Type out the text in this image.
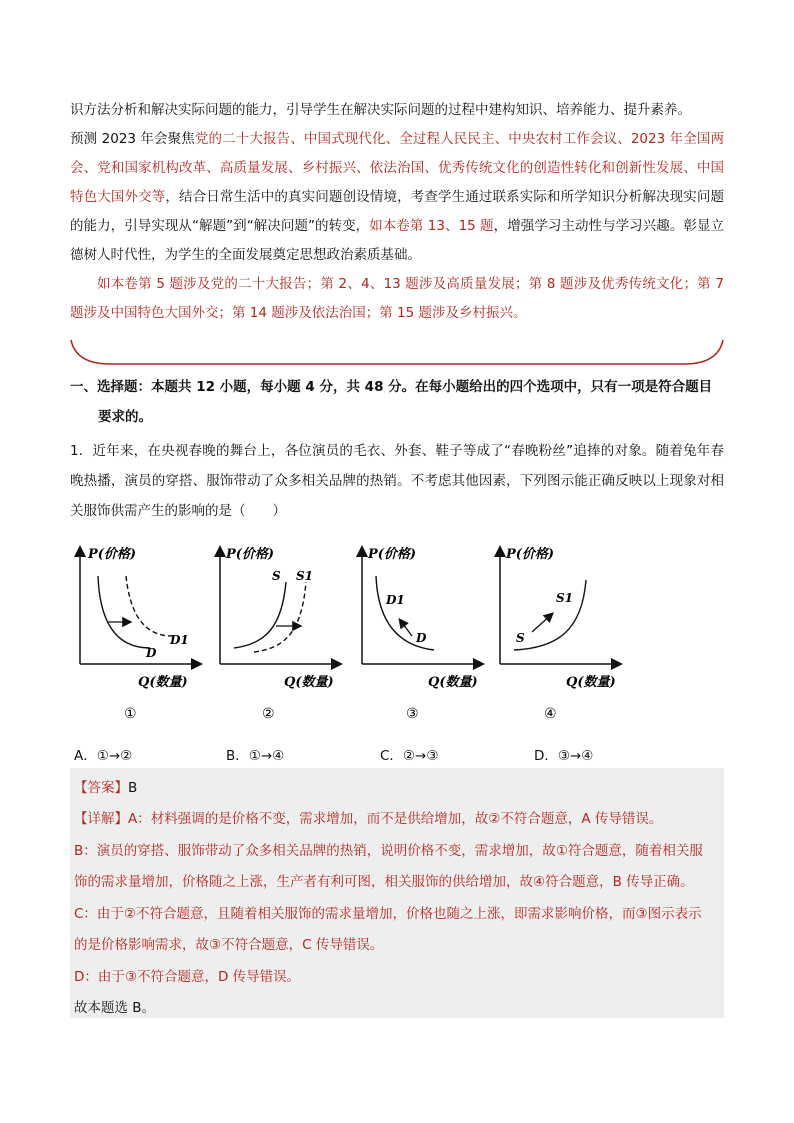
识方法分析和解决实际问题的能力，引导学生在解决实际问题的过程中建构知识、培养能力、提升素养。
预测 2023 年会聚焦党的二十大报告、中国式现代化、全过程人民民主、中央农村工作会议、2023 年全国两会、党和国家机构改革、高质量发展、乡村振兴、依法治国、优秀传统文化的创造性转化和创新性发展、中国特色大国外交等，结合日常生活中的真实问题创设情境，考查学生通过联系实际和所学知识分析解决现实问题的能力，引导实现从“解题”到“解决问题”的转变，如本卷第 13、15 题，增强学习主动性与学习兴趣。彰显立德树人时代性，为学生的全面发展奠定思想政治素质基础。

如本卷第 5 题涉及党的二十大报告；第 2、4、13 题涉及高质量发展；第 8 题涉及优秀传统文化；第 7 题涉及中国特色大国外交；第 14 题涉及依法治国；第 15 题涉及乡村振兴。

一、选择题：本题共 12 小题，每小题 4 分，共 48 分。在每小题给出的四个选项中，只有一项是符合题目
要求的。
1．近年来，在央视春晚的舞台上，各位演员的毛衣、外套、鞋子等成了“春晚粉丝”追捧的对象。随着兔年春晚热播，演员的穿搭、服饰带动了众多相关品牌的热销。不考虑其他因素，下列图示能正确反映以上现象对相关服饰供需产生的影响的是（　　）
P(价格)
D
D1
Q(数量)
①
P(价格)
S S1
Q(数量)
②
P(价格)
D
D1
Q(数量)
③
P(价格)
S
S1
Q(数量)
④
A．①→②	B．①→④	C．②→③	D．③→④
【答案】B
【详解】A：材料强调的是价格不变，需求增加，而不是供给增加，故②不符合题意，A 传导错误。
B：演员的穿搭、服饰带动了众多相关品牌的热销，说明价格不变，需求增加，故①符合题意，随着相关服
饰的需求量增加，价格随之上涨，生产者有利可图，相关服饰的供给增加，故④符合题意，B 传导正确。
C：由于②不符合题意，且随着相关服饰的需求量增加，价格也随之上涨，即需求影响价格，而③图示表示
的是价格影响需求，故③不符合题意，C 传导错误。
D：由于③不符合题意，D 传导错误。
故本题选 B。
